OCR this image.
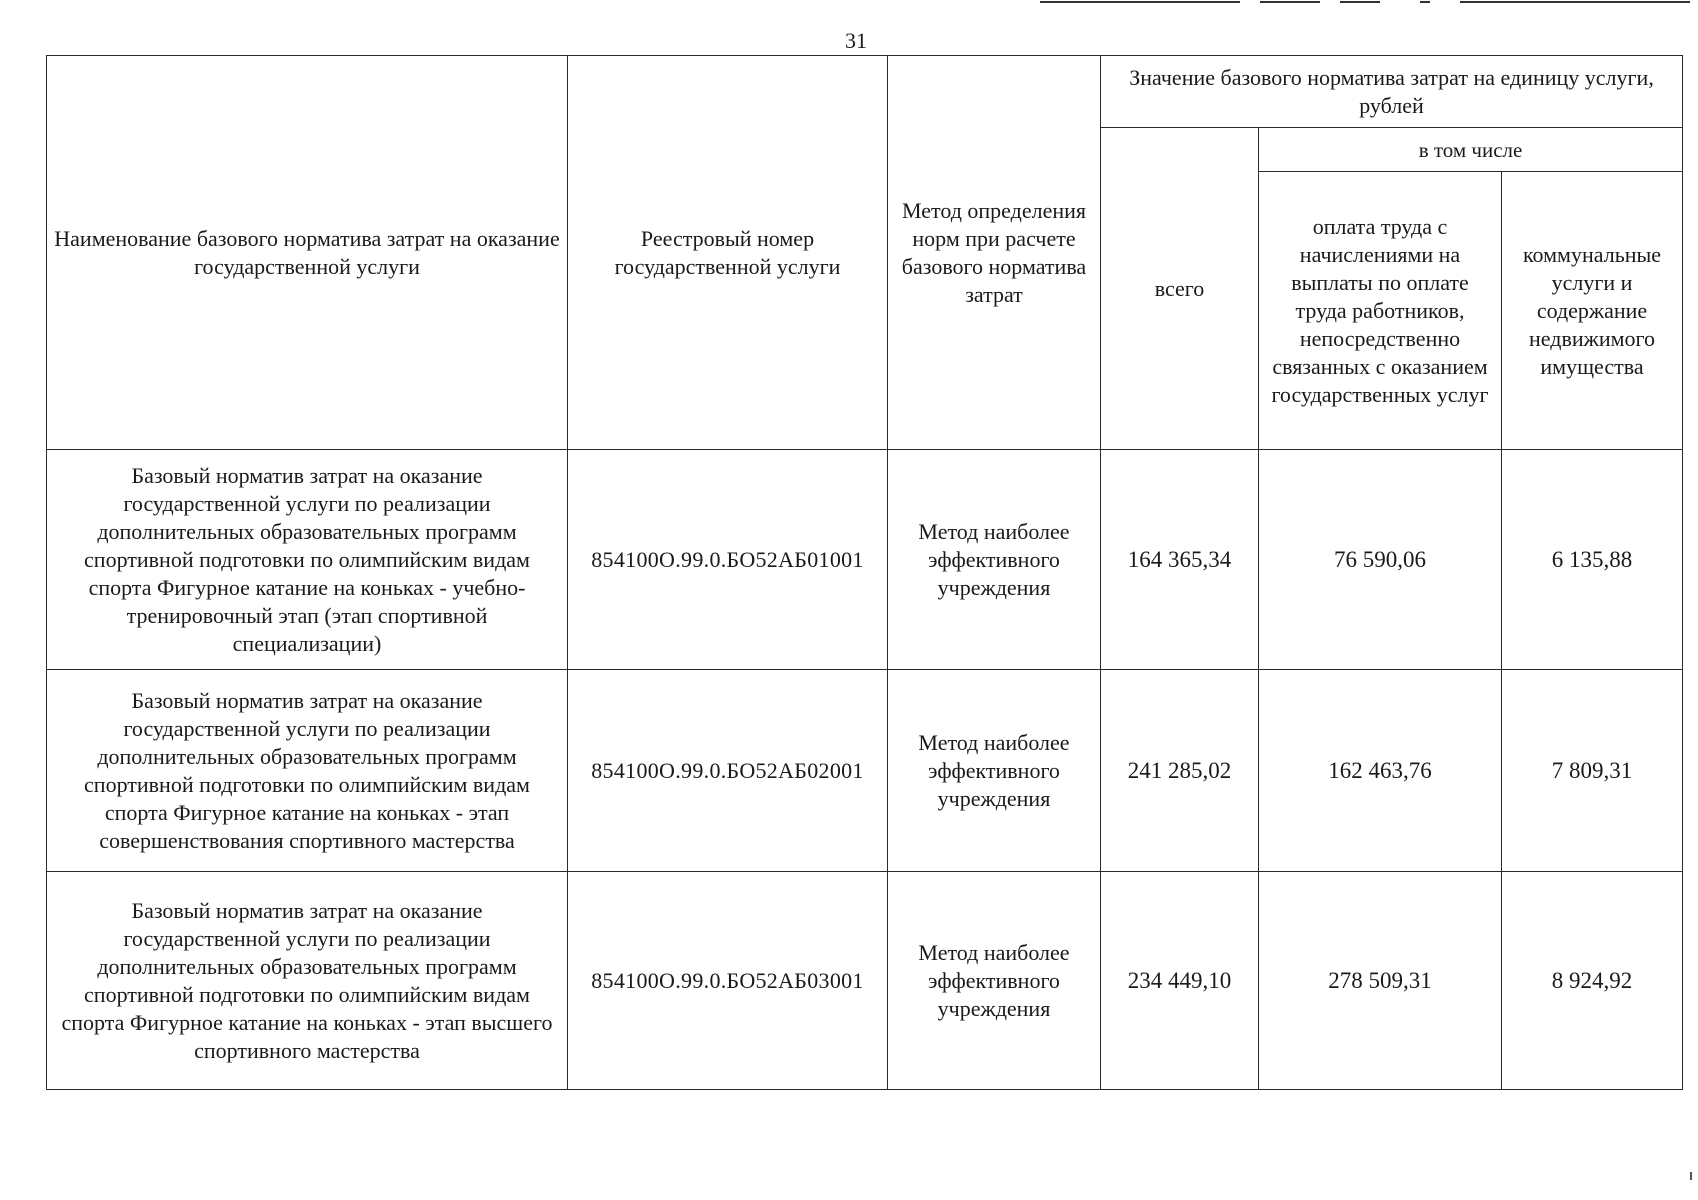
31
Наименование базового норматива затрат на оказание государственной услуги	Реестровый номер государственной услуги	Метод определения норм при расчете базового норматива затрат	Значение базового норматива затрат на единицу услуги, рублей		
			всего	в том числе	
				оплата труда с начислениями на выплаты по оплате труда работников, непосредственно связанных с оказанием государственных услуг	коммунальные услуги и содержание недвижимого имущества
Базовый норматив затрат на оказание государственной услуги по реализации дополнительных образовательных программ спортивной подготовки по олимпийским видам спорта Фигурное катание на коньках - учебно-тренировочный этап (этап спортивной специализации)	854100О.99.0.БО52АБ01001	Метод наиболее эффективного учреждения	164 365,34	76 590,06	6 135,88
Базовый норматив затрат на оказание государственной услуги по реализации дополнительных образовательных программ спортивной подготовки по олимпийским видам спорта Фигурное катание на коньках - этап совершенствования спортивного мастерства	854100О.99.0.БО52АБ02001	Метод наиболее эффективного учреждения	241 285,02	162 463,76	7 809,31
Базовый норматив затрат на оказание государственной услуги по реализации дополнительных образовательных программ спортивной подготовки по олимпийским видам спорта Фигурное катание на коньках - этап высшего спортивного мастерства	854100О.99.0.БО52АБ03001	Метод наиболее эффективного учреждения	234 449,10	278 509,31	8 924,92
